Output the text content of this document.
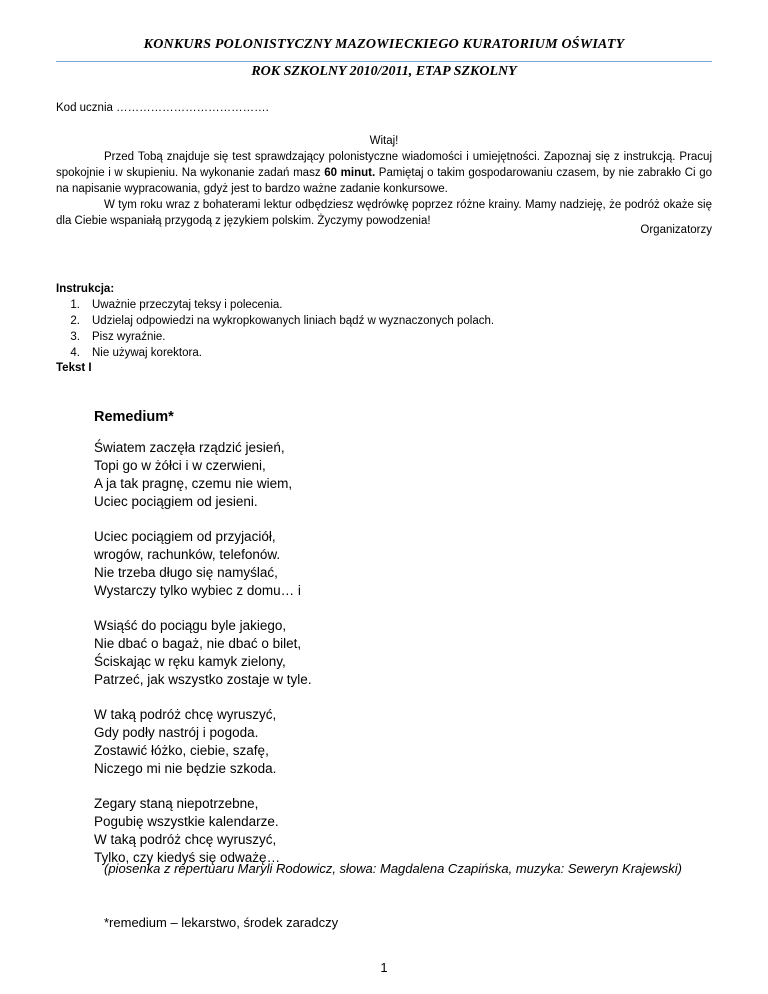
KONKURS POLONISTYCZNY MAZOWIECKIEGO KURATORIUM OŚWIATY
ROK SZKOLNY 2010/2011, ETAP SZKOLNY
Kod ucznia ………………………………….
Witaj!

Przed Tobą znajduje się test sprawdzający polonistyczne wiadomości i umiejętności. Zapoznaj się z instrukcją. Pracuj spokojnie i w skupieniu. Na wykonanie zadań masz 60 minut. Pamiętaj o takim gospodarowaniu czasem, by nie zabrakło Ci go na napisanie wypracowania, gdyż jest to bardzo ważne zadanie konkursowe.

W tym roku wraz z bohaterami lektur odbędziesz wędrówkę poprzez różne krainy. Mamy nadzieję, że podróż okaże się dla Ciebie wspaniałą przygodą z językiem polskim. Życzymy powodzenia!

Organizatorzy
Instrukcja:
1. Uważnie przeczytaj teksy i polecenia.
2. Udzielaj odpowiedzi na wykropkowanych liniach bądź w wyznaczonych polach.
3. Pisz wyraźnie.
4. Nie używaj korektora.
Tekst I
Remedium*
Światem zaczęła rządzić jesień,
Topi go w żółci i w czerwieni,
A ja tak pragnę, czemu nie wiem,
Uciec pociągiem od jesieni.
Uciec pociągiem od przyjaciół,
wrogów, rachunków, telefonów.
Nie trzeba długo się namyślać,
Wystarczy tylko wybiec z domu… i
Wsiąść do pociągu byle jakiego,
Nie dbać o bagaż, nie dbać o bilet,
Ściskając w ręku kamyk zielony,
Patrzeć, jak wszystko zostaje w tyle.
W taką podróż chcę wyruszyć,
Gdy podły nastrój i pogoda.
Zostawić łóżko, ciebie, szafę,
Niczego mi nie będzie szkoda.
Zegary staną niepotrzebne,
Pogubię wszystkie kalendarze.
W taką podróż chcę wyruszyć,
Tylko, czy kiedyś się odważę…
(piosenka z repertuaru Maryli Rodowicz, słowa: Magdalena Czapińska, muzyka: Seweryn Krajewski)
*remedium – lekarstwo, środek zaradczy
1
